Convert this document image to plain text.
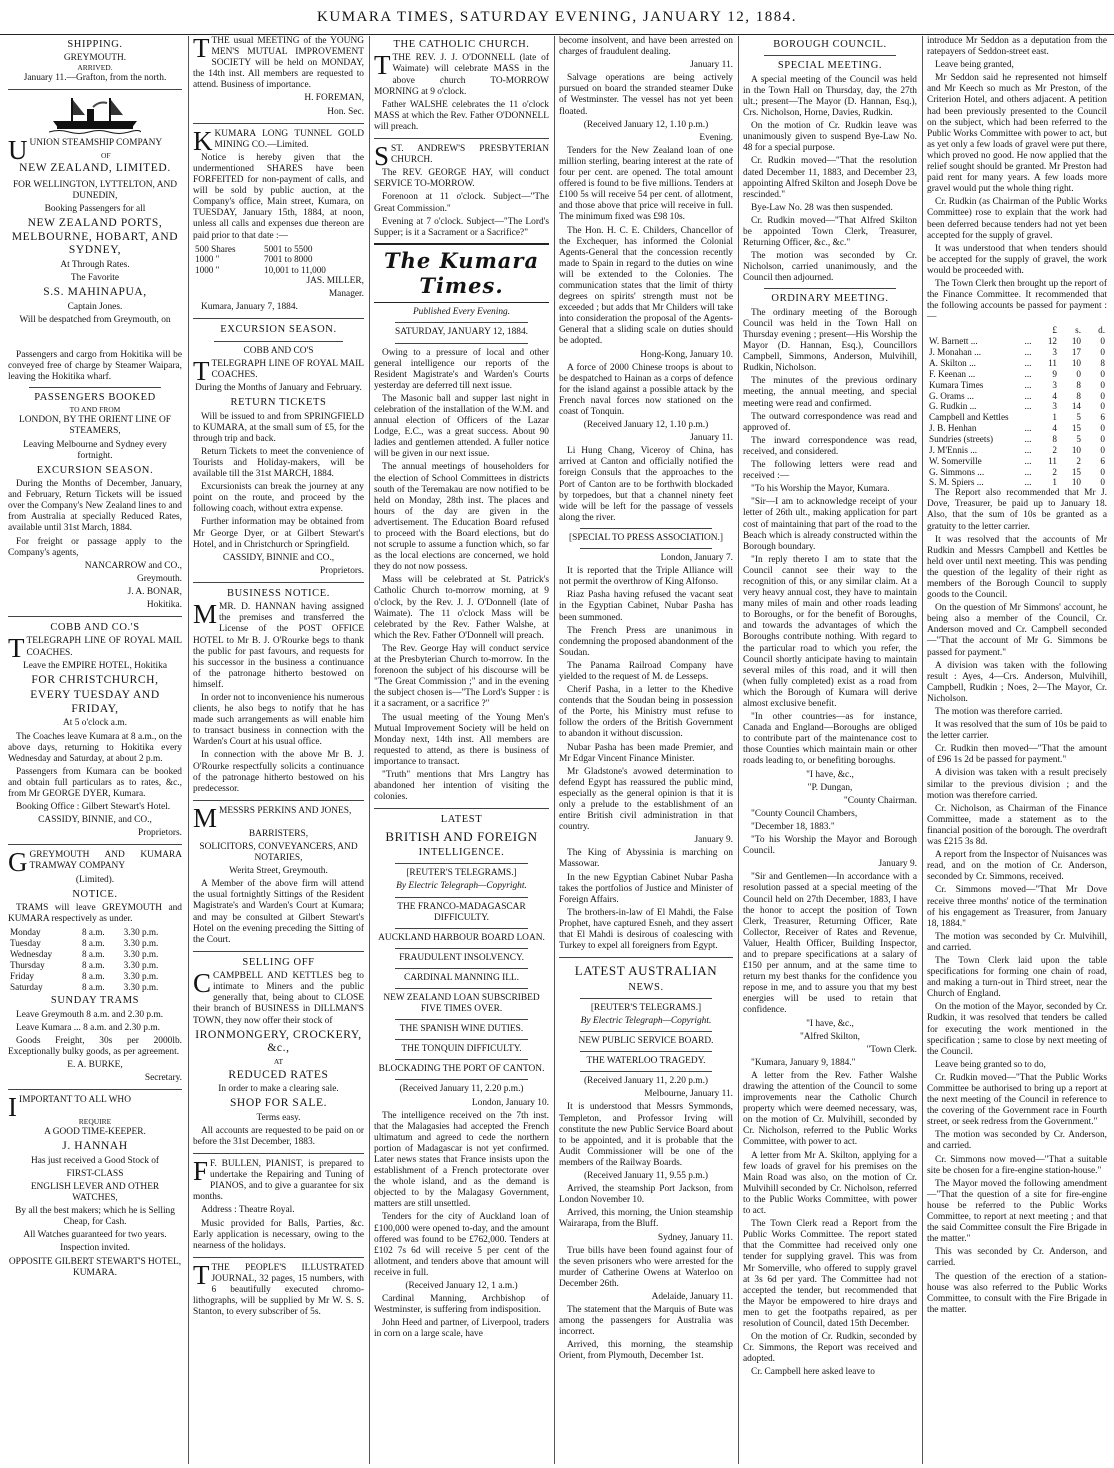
KUMARA TIMES, SATURDAY EVENING, JANUARY 12, 1884.
SHIPPING.
GREYMOUTH.
ARRIVED.
January 11.—Grafton, from the north.

UUNION STEAMSHIP COMPANY

OF
NEW ZEALAND, LIMITED.

FOR WELLINGTON, LYTTELTON, AND DUNEDIN,

Booking Passengers for all

NEW ZEALAND PORTS, MELBOURNE, HOBART, AND SYDNEY,

At Through Rates.

The Favorite

S.S. MAHINAPUA,

Captain Jones.

Will be despatched from Greymouth, on

Passengers and cargo from Hokitika will be conveyed free of charge by Steamer Waipara, leaving the Hokitika wharf.

PASSENGERS BOOKED
TO AND FROM

LONDON, BY THE ORIENT LINE OF STEAMERS,

Leaving Melbourne and Sydney every fortnight.

EXCURSION SEASON.

During the Months of December, January, and February, Return Tickets will be issued over the Company's New Zealand lines to and from Australia at specially Reduced Rates, available until 31st March, 1884.

For freight or passage apply to the Company's agents,

NANCARROW and CO.,

Greymouth.

J. A. BONAR,

Hokitika.

COBB AND CO.'S

TTELEGRAPH LINE OF ROYAL MAIL COACHES.

Leave the EMPIRE HOTEL, Hokitika

FOR CHRISTCHURCH,
EVERY TUESDAY AND FRIDAY,

At 5 o'clock a.m.

The Coaches leave Kumara at 8 a.m., on the above days, returning to Hokitika every Wednesday and Saturday, at about 2 p.m.

Passengers from Kumara can be booked and obtain full particulars as to rates, &c., from Mr GEORGE DYER, Kumara.

Booking Office : Gilbert Stewart's Hotel.

CASSIDY, BINNIE, and CO.,

Proprietors.

GGREYMOUTH AND KUMARA TRAMWAY COMPANY

(Limited).

NOTICE.

TRAMS will leave GREYMOUTH and KUMARA respectively as under.

Monday	8 a.m.	3.30 p.m.
Tuesday	8 a.m.	3.30 p.m.
Wednesday	8 a.m.	3.30 p.m.
Thursday	8 a.m.	3.30 p.m.
Friday	8 a.m.	3.30 p.m.
Saturday	8 a.m.	3.30 p.m.
SUNDAY TRAMS

Leave Greymouth 8 a.m. and 2.30 p.m.

Leave Kumara ... 8 a.m. and 2.30 p.m.

Goods Freight, 30s per 2000lb. Exceptionally bulky goods, as per agreement.

E. A. BURKE,

Secretary.

IIMPORTANT TO ALL WHO

REQUIRE

A GOOD TIME-KEEPER.

J. HANNAH

Has just received a Good Stock of

FIRST-CLASS

ENGLISH LEVER AND OTHER WATCHES,

By all the best makers; which he is Selling Cheap, for Cash.

All Watches guaranteed for two years.

Inspection invited.

OPPOSITE GILBERT STEWART'S HOTEL, KUMARA.

TTHE usual MEETING of the YOUNG MEN'S MUTUAL IMPROVEMENT SOCIETY will be held on MONDAY, the 14th inst. All members are requested to attend. Business of importance.

H. FOREMAN,

Hon. Sec.

KKUMARA LONG TUNNEL GOLD MINING CO.—Limited.

Notice is hereby given that the undermentioned SHARES have been FORFEITED for non-payment of calls, and will be sold by public auction, at the Company's office, Main street, Kumara, on TUESDAY, January 15th, 1884, at noon, unless all calls and expenses due thereon are paid prior to that date :—

500 Shares	5001 to 5500
1000 "	7001 to 8000
1000 "	10,001 to 11,000

JAS. MILLER,

Manager.

Kumara, January 7, 1884.

EXCURSION SEASON.

COBB AND CO'S

TTELEGRAPH LINE OF ROYAL MAIL COACHES.

During the Months of January and February.

RETURN TICKETS

Will be issued to and from SPRINGFIELD to KUMARA, at the small sum of £5, for the through trip and back.

Return Tickets to meet the convenience of Tourists and Holiday-makers, will be available till the 31st MARCH, 1884.

Excursionists can break the journey at any point on the route, and proceed by the following coach, without extra expense.

Further information may be obtained from Mr George Dyer, or at Gilbert Stewart's Hotel, and in Christchurch or Springfield.

CASSIDY, BINNIE and CO.,

Proprietors.

BUSINESS NOTICE.

MMR. D. HANNAN having assigned the premises and transferred the License of the POST OFFICE HOTEL to Mr B. J. O'Rourke begs to thank the public for past favours, and requests for his successor in the business a continuance of the patronage hitherto bestowed on himself.

In order not to inconvenience his numerous clients, he also begs to notify that he has made such arrangements as will enable him to transact business in connection with the Warden's Court at his usual office.

In connection with the above Mr B. J. O'Rourke respectfully solicits a continuance of the patronage hitherto bestowed on his predecessor.

MMESSRS PERKINS AND JONES,

BARRISTERS,

SOLICITORS, CONVEYANCERS, AND NOTARIES,

Werita Street, Greymouth.

A Member of the above firm will attend the usual fortnightly Sittings of the Resident Magistrate's and Warden's Court at Kumara; and may be consulted at Gilbert Stewart's Hotel on the evening preceding the Sitting of the Court.

SELLING OFF

CCAMPBELL AND KETTLES beg to intimate to Miners and the public generally that, being about to CLOSE their branch of BUSINESS in DILLMAN'S TOWN, they now offer their stock of

IRONMONGERY, CROCKERY, &c.,
AT
REDUCED RATES

In order to make a clearing sale.

SHOP FOR SALE.

Terms easy.

All accounts are requested to be paid on or before the 31st December, 1883.

F F. BULLEN, PIANIST, is prepared to undertake the Repairing and Tuning of PIANOS, and to give a guarantee for six months.

Address : Theatre Royal.

Music provided for Balls, Parties, &c. Early application is necessary, owing to the nearness of the holidays.

TTHE PEOPLE'S ILLUSTRATED JOURNAL, 32 pages, 15 numbers, with 6 beautifully executed chromo-lithographs, will be supplied by Mr W. S. S. Stanton, to every subscriber of 5s.

THE CATHOLIC CHURCH.

TTHE REV. J. J. O'DONNELL (late of Waimate) will celebrate MASS in the above church TO-MORROW MORNING at 9 o'clock.

Father WALSHE celebrates the 11 o'clock MASS at which the Rev. Father O'DONNELL will preach.

SST. ANDREW'S PRESBYTERIAN CHURCH.

The REV. GEORGE HAY, will conduct SERVICE TO-MORROW.

Forenoon at 11 o'clock. Subject—"The Great Commission."

Evening at 7 o'clock. Subject—"The Lord's Supper; is it a Sacrament or a Sacrifice?"

The Kumara Times.

Published Every Evening.

SATURDAY, JANUARY 12, 1884.

Owing to a pressure of local and other general intelligence our reports of the Resident Magistrate's and Warden's Courts yesterday are deferred till next issue.

The Masonic ball and supper last night in celebration of the installation of the W.M. and annual election of Officers of the Lazar Lodge, E.C., was a great success. About 90 ladies and gentlemen attended. A fuller notice will be given in our next issue.

The annual meetings of householders for the election of School Committees in districts south of the Teremakau are now notified to be held on Monday, 28th inst. The places and hours of the day are given in the advertisement. The Education Board refused to proceed with the Board elections, but do not scruple to assume a function which, so far as the local elections are concerned, we hold they do not now possess.

Mass will be celebrated at St. Patrick's Catholic Church to-morrow morning, at 9 o'clock, by the Rev. J. J. O'Donnell (late of Waimate). The 11 o'clock Mass will be celebrated by the Rev. Father Walshe, at which the Rev. Father O'Donnell will preach.

The Rev. George Hay will conduct service at the Presbyterian Church to-morrow. In the forenoon the subject of his discourse will be "The Great Commission ;" and in the evening the subject chosen is—"The Lord's Supper : is it a sacrament, or a sacrifice ?"

The usual meeting of the Young Men's Mutual Improvement Society will be held on Monday next, 14th inst. All members are requested to attend, as there is business of importance to transact.

"Truth" mentions that Mrs Langtry has abandoned her intention of visiting the colonies.

LATEST
BRITISH AND FOREIGN
INTELLIGENCE.

[REUTER'S TELEGRAMS.]

By Electric Telegraph—Copyright.

THE FRANCO-MADAGASCAR DIFFICULTY.

AUCKLAND HARBOUR BOARD LOAN.

FRAUDULENT INSOLVENCY.

CARDINAL MANNING ILL.

NEW ZEALAND LOAN SUBSCRIBED FIVE TIMES OVER.

THE SPANISH WINE DUTIES.

THE TONQUIN DIFFICULTY.

BLOCKADING THE PORT OF CANTON.

(Received January 11, 2.20 p.m.)

London, January 10.

The intelligence received on the 7th inst. that the Malagasies had accepted the French ultimatum and agreed to cede the northern portion of Madagascar is not yet confirmed. Later news states that France insists upon the establishment of a French protectorate over the whole island, and as the demand is objected to by the Malagasy Government, matters are still unsettled.

Tenders for the city of Auckland loan of £100,000 were opened to-day, and the amount offered was found to be £762,000. Tenders at £102 7s 6d will receive 5 per cent of the allotment, and tenders above that amount will receive in full.

(Received January 12, 1 a.m.)

Cardinal Manning, Archbishop of Westminster, is suffering from indisposition.

John Heed and partner, of Liverpool, traders in corn on a large scale, have

become insolvent, and have been arrested on charges of fraudulent dealing.

January 11.

Salvage operations are being actively pursued on board the stranded steamer Duke of Westminster. The vessel has not yet been floated.

(Received January 12, 1.10 p.m.)

Evening.

Tenders for the New Zealand loan of one million sterling, bearing interest at the rate of four per cent. are opened. The total amount offered is found to be five millions. Tenders at £100 5s will receive 54 per cent. of allotment, and those above that price will receive in full. The minimum fixed was £98 10s.

The Hon. H. C. E. Childers, Chancellor of the Exchequer, has informed the Colonial Agents-General that the concession recently made to Spain in regard to the duties on wine will be extended to the Colonies. The communication states that the limit of thirty degrees on spirits' strength must not be exceeded ; but adds that Mr Childers will take into consideration the proposal of the Agents-General that a sliding scale on duties should be adopted.

Hong-Kong, January 10.

A force of 2000 Chinese troops is about to be despatched to Hainan as a corps of defence for the island against a possible attack by the French naval forces now stationed on the coast of Tonquin.

(Received January 12, 1.10 p.m.)

January 11.

Li Hung Chang, Viceroy of China, has arrived at Canton and officially notified the foreign Consuls that the approaches to the Port of Canton are to be forthwith blockaded by torpedoes, but that a channel ninety feet wide will be left for the passage of vessels along the river.

[SPECIAL TO PRESS ASSOCIATION.]

London, January 7.

It is reported that the Triple Alliance will not permit the overthrow of King Alfonso.

Riaz Pasha having refused the vacant seat in the Egyptian Cabinet, Nubar Pasha has been summoned.

The French Press are unanimous in condemning the proposed abandonment of the Soudan.

The Panama Railroad Company have yielded to the request of M. de Lesseps.

Cherif Pasha, in a letter to the Khedive contends that the Soudan being in possession of the Porte, his Ministry must refuse to follow the orders of the British Government to abandon it without discussion.

Nubar Pasha has been made Premier, and Mr Edgar Vincent Finance Minister.

Mr Gladstone's avowed determination to defend Egypt has reassured the public mind, especially as the general opinion is that it is only a prelude to the establishment of an entire British civil administration in that country.

January 9.

The King of Abyssinia is marching on Massowar.

In the new Egyptian Cabinet Nubar Pasha takes the portfolios of Justice and Minister of Foreign Affairs.

The brothers-in-law of El Mahdi, the False Prophet, have captured Esneh, and they assert that El Mahdi is desirous of coalescing with Turkey to expel all foreigners from Egypt.

LATEST AUSTRALIAN
NEWS.

[REUTER'S TELEGRAMS.]

By Electric Telegraph—Copyright.

NEW PUBLIC SERVICE BOARD.

THE WATERLOO TRAGEDY.

(Received January 11, 2.20 p.m.)

Melbourne, January 11.

It is understood that Messrs Symmonds, Templeton, and Professor Irving will constitute the new Public Service Board about to be appointed, and it is probable that the Audit Commissioner will be one of the members of the Railway Boards.

(Received January 11, 9.55 p.m.)

Arrived, the steamship Port Jackson, from London November 10.

Arrived, this morning, the Union steamship Wairarapa, from the Bluff.

Sydney, January 11.

True bills have been found against four of the seven prisoners who were arrested for the murder of Catherine Owens at Waterloo on December 26th.

Adelaide, January 11.

The statement that the Marquis of Bute was among the passengers for Australia was incorrect.

Arrived, this morning, the steamship Orient, from Plymouth, December 1st.

BOROUGH COUNCIL.
SPECIAL MEETING.

A special meeting of the Council was held in the Town Hall on Thursday, day, the 27th ult.; present—The Mayor (D. Hannan, Esq.), Crs. Nicholson, Horne, Davies, Rudkin.

On the motion of Cr. Rudkin leave was unanimously given to suspend Bye-Law No. 48 for a special purpose.

Cr. Rudkin moved—"That the resolution dated December 11, 1883, and December 23, appointing Alfred Skilton and Joseph Dove be rescinded."

Bye-Law No. 28 was then suspended.

Cr. Rudkin moved—"That Alfred Skilton be appointed Town Clerk, Treasurer, Returning Officer, &c., &c."

The motion was seconded by Cr. Nicholson, carried unanimously, and the Council then adjourned.

ORDINARY MEETING.

The ordinary meeting of the Borough Council was held in the Town Hall on Thursday evening ; present—His Worship the Mayor (D. Hannan, Esq.), Councillors Campbell, Simmons, Anderson, Mulvihill, Rudkin, Nicholson.

The minutes of the previous ordinary meeting, the annual meeting, and special meeting were read and confirmed.

The outward correspondence was read and approved of.

The inward correspondence was read, received, and considered.

The following letters were read and received :—

"To his Worship the Mayor, Kumara.

"Sir—I am to acknowledge receipt of your letter of 26th ult., making application for part cost of maintaining that part of the road to the Beach which is already constructed within the Borough boundary.

"In reply thereto I am to state that the Council cannot see their way to the recognition of this, or any similar claim. At a very heavy annual cost, they have to maintain many miles of main and other roads leading to Boroughs, or for the benefit of Boroughs, and towards the advantages of which the Boroughs contribute nothing. With regard to the particular road to which you refer, the Council shortly anticipate having to maintain several miles of this road, and it will then (when fully completed) exist as a road from which the Borough of Kumara will derive almost exclusive benefit.

"In other countries—as for instance, Canada and England—Boroughs are obliged to contribute part of the maintenance cost to those Counties which maintain main or other roads leading to, or benefiting boroughs.

"I have, &c.,

"P. Dungan,

"County Chairman.

"County Council Chambers,

"December 18, 1883."

"To his Worship the Mayor and Borough Council.

January 9.

"Sir and Gentlemen—In accordance with a resolution passed at a special meeting of the Council held on 27th December, 1883, I have the honor to accept the position of Town Clerk, Treasurer, Returning Officer, Rate Collector, Receiver of Rates and Revenue, Valuer, Health Officer, Building Inspector, and to prepare specifications at a salary of £150 per annum, and at the same time to return my best thanks for the confidence you repose in me, and to assure you that my best energies will be used to retain that confidence.

"I have, &c.,

"Alfred Skilton,

"Town Clerk.

"Kumara, January 9, 1884."

A letter from the Rev. Father Walshe drawing the attention of the Council to some improvements near the Catholic Church property which were deemed necessary, was, on the motion of Cr. Mulvihill, seconded by Cr. Nicholson, referred to the Public Works Committee, with power to act.

A letter from Mr A. Skilton, applying for a few loads of gravel for his premises on the Main Road was also, on the motion of Cr. Mulvihill seconded by Cr. Nicholson, referred to the Public Works Committee, with power to act.

The Town Clerk read a Report from the Public Works Committee. The report stated that the Committee had received only one tender for supplying gravel. This was from Mr Somerville, who offered to supply gravel at 3s 6d per yard. The Committee had not accepted the tender, but recommended that the Mayor be empowered to hire drays and men to get the footpaths repaired, as per resolution of Council, dated 15th December.

On the motion of Cr. Rudkin, seconded by Cr. Simmons, the Report was received and adopted.

Cr. Campbell here asked leave to

introduce Mr Seddon as a deputation from the ratepayers of Seddon-street east.

Leave being granted,

Mr Seddon said he represented not himself and Mr Keech so much as Mr Preston, of the Criterion Hotel, and others adjacent. A petition had been previously presented to the Council on the subject, which had been referred to the Public Works Committee with power to act, but as yet only a few loads of gravel were put there, which proved no good. He now applied that the relief sought should be granted. Mr Preston had paid rent for many years. A few loads more gravel would put the whole thing right.

Cr. Rudkin (as Chairman of the Public Works Committee) rose to explain that the work had been deferred because tenders had not yet been accepted for the supply of gravel.

It was understood that when tenders should be accepted for the supply of gravel, the work would be proceeded with.

The Town Clerk then brought up the report of the Finance Committee. It recommended that the following accounts be passed for payment :—

		£	s.	d.
W. Barnett ...	...	12	10	0
J. Monahan ...	...	3	17	0
A. Skilton ...	...	11	10	8
F. Keenan ...	...	9	0	0
Kumara Times	...	3	8	0
G. Orams ...	...	4	8	0
G. Rudkin ...	...	3	14	0
Campbell and Kettles		1	5	6
J. B. Henhan	...	4	15	0
Sundries (streets)	...	8	5	0
J. M'Ennis ...	...	2	10	0
W. Somerville	...	11	2	6
G. Simmons ...	...	2	15	0
S. M. Spiers ...	...	1	10	0

The Report also recommended that Mr J. Dove, Treasurer, be paid up to January 18. Also, that the sum of 10s be granted as a gratuity to the letter carrier.

It was resolved that the accounts of Mr Rudkin and Messrs Campbell and Kettles be held over until next meeting. This was pending the question of the legality of their right as members of the Borough Council to supply goods to the Council.

On the question of Mr Simmons' account, he being also a member of the Council, Cr. Anderson moved and Cr. Campbell seconded—"That the account of Mr G. Simmons be passed for payment."

A division was taken with the following result : Ayes, 4—Crs. Anderson, Mulvihill, Campbell, Rudkin ; Noes, 2—The Mayor, Cr. Nicholson.

The motion was therefore carried.

It was resolved that the sum of 10s be paid to the letter carrier.

Cr. Rudkin then moved—"That the amount of £96 1s 2d be passed for payment."

A division was taken with a result precisely similar to the previous division ; and the motion was therefore carried.

Cr. Nicholson, as Chairman of the Finance Committee, made a statement as to the financial position of the borough. The overdraft was £215 3s 8d.

A report from the Inspector of Nuisances was read, and on the motion of Cr. Anderson, seconded by Cr. Simmons, received.

Cr. Simmons moved—"That Mr Dove receive three months' notice of the termination of his engagement as Treasurer, from January 18, 1884."

The motion was seconded by Cr. Mulvihill, and carried.

The Town Clerk laid upon the table specifications for forming one chain of road, and making a turn-out in Third street, near the Church of England.

On the motion of the Mayor, seconded by Cr. Rudkin, it was resolved that tenders be called for executing the work mentioned in the specification ; same to close by next meeting of the Council.

Leave being granted so to do,

Cr. Rudkin moved—"That the Public Works Committee be authorised to bring up a report at the next meeting of the Council in reference to the covering of the Government race in Fourth street, or seek redress from the Government."

The motion was seconded by Cr. Anderson, and carried.

Cr. Simmons now moved—"That a suitable site be chosen for a fire-engine station-house."

The Mayor moved the following amendment—"That the question of a site for fire-engine house be referred to the Public Works Committee, to report at next meeting ; and that the said Committee consult the Fire Brigade in the matter."

This was seconded by Cr. Anderson, and carried.

The question of the erection of a station-house was also referred to the Public Works Committee, to consult with the Fire Brigade in the matter.
